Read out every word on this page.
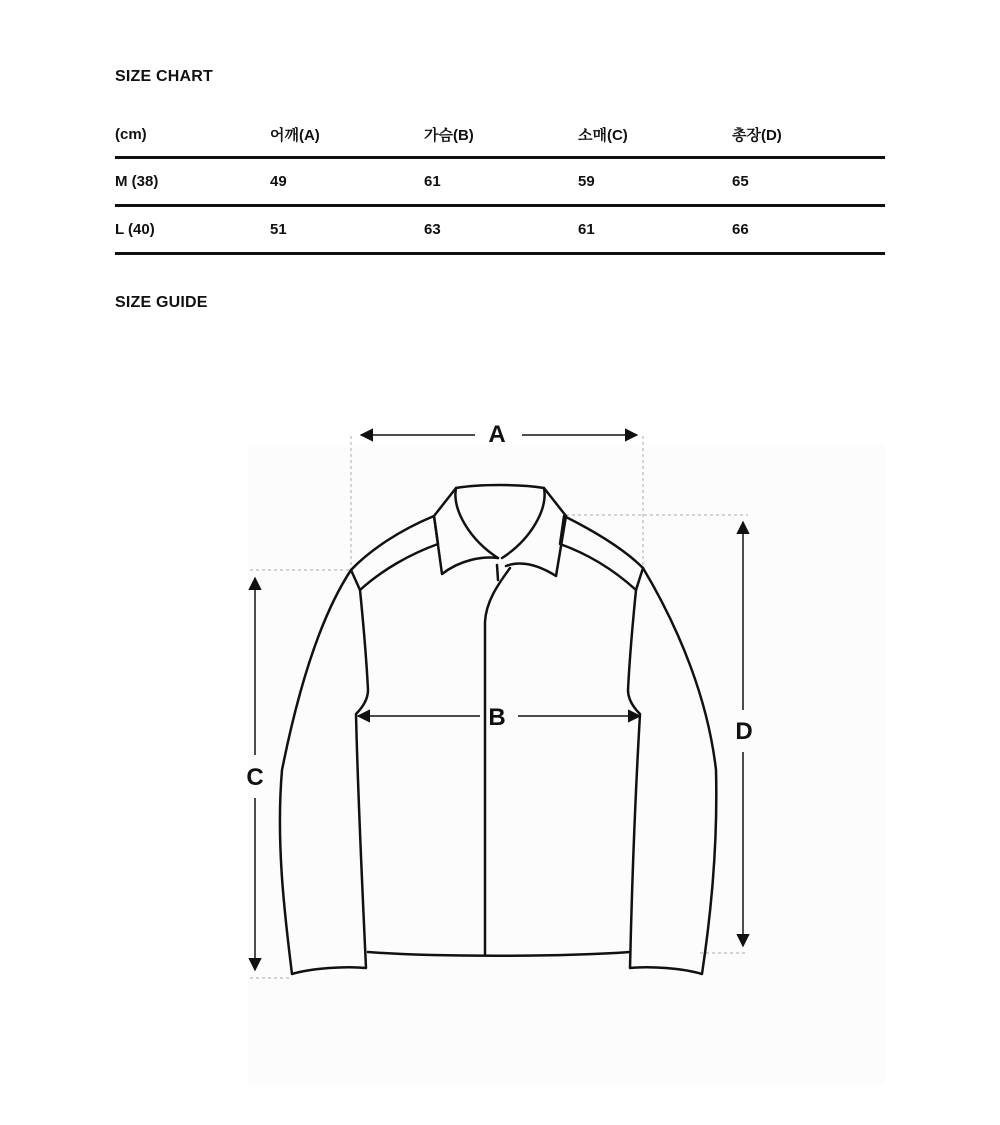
SIZE CHART
(cm)	어깨(A)	가슴(B)	소매(C)	총장(D)
M (38)	49	61	59	65
L (40)	51	63	61	66
SIZE GUIDE
A
B
C
D
